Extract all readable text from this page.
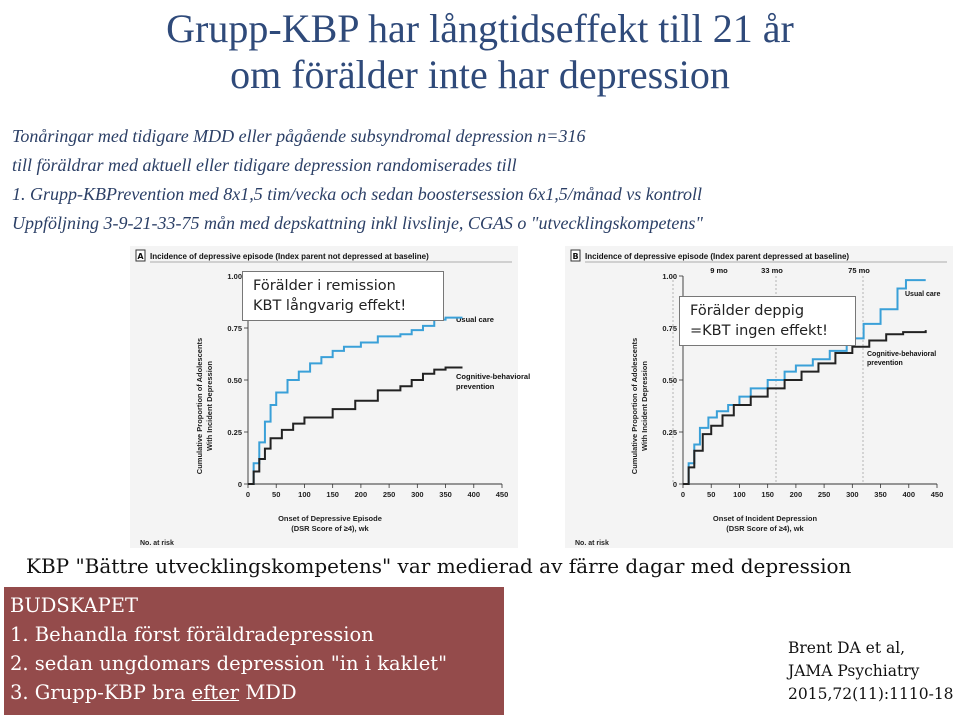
Grupp-KBP har långtidseffekt till 21 år
om förälder inte har depression
Tonåringar med tidigare MDD eller pågående subsyndromal depression n=316
till föräldrar med aktuell eller tidigare depression randomiserades till
1. Grupp-KBPrevention med 8x1,5 tim/vecka och sedan boostersession 6x1,5/månad vs kontroll
Uppföljning 3-9-21-33-75 mån med depskattning inkl livslinje, CGAS o "utvecklingskompetens"
A Incidence of depressive episode (Index parent not depressed at baseline)
Cumulative Proportion of Adolescents With Incident Depression
Onset of Depressive Episode
(DSR Score of ≥4), wk
No. at risk
Usual care
Cognitive-behavioral
prevention
0
0.25
0.50
0.75
1.00
0	50 100 150 200 250 300 350 400 450
B Incidence of depressive episode (Index parent depressed at baseline)
9 mo	33 mo	75 mo
Cumulative Proportion of Adolescents With Incident Depression
Onset of Incident Depression
(DSR Score of ≥4), wk
No. at risk
Usual care
Cognitive-behavioral
prevention
0
0.25
0.50
0.75
1.00
0	50 100 150 200 250 300 350 400 450
Förälder i remission
KBT långvarig effekt!	Förälder deppig
=KBT ingen effekt!
KBP "Bättre utvecklingskompetens" var medierad av färre dagar med depression
BUDSKAPET
1. Behandla först föräldradepression
2. sedan ungdomars depression "in i kaklet"
3. Grupp-KBP bra efter MDD
Brent DA et al,
JAMA Psychiatry
2015,72(11):1110-18
